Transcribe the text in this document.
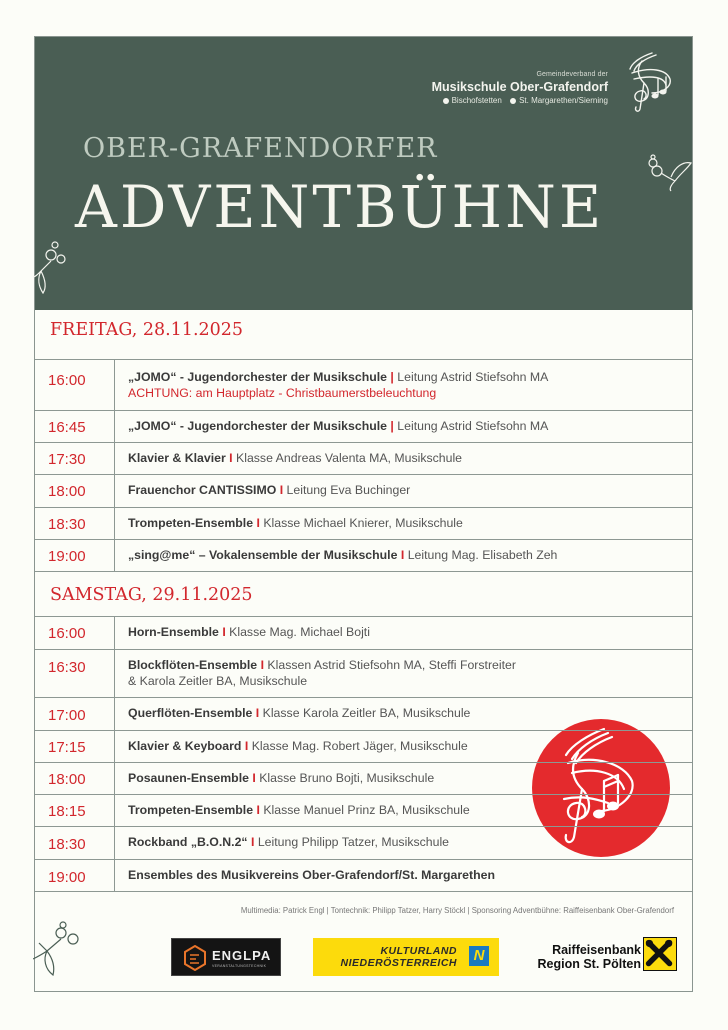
Gemeindeverband der
Musikschule Ober-Grafendorf
Bischofstetten St. Margarethen/Sierning
OBER-GRAFENDORFER
ADVENTBÜHNE
FREITAG, 28.11.2025
16:00	„JOMO“ - Jugendorchester der Musikschule | Leitung Astrid Stiefsohn MA
ACHTUNG: am Hauptplatz - Christbaumerstbeleuchtung
16:45	„JOMO“ - Jugendorchester der Musikschule | Leitung Astrid Stiefsohn MA
17:30	Klavier & Klavier I Klasse Andreas Valenta MA, Musikschule
18:00	Frauenchor CANTISSIMO I Leitung Eva Buchinger
18:30	Trompeten-Ensemble I Klasse Michael Knierer, Musikschule
19:00	„sing@me“ – Vokalensemble der Musikschule I Leitung Mag. Elisabeth Zeh
SAMSTAG, 29.11.2025
16:00	Horn-Ensemble I Klasse Mag. Michael Bojti
16:30	Blockflöten-Ensemble I Klassen Astrid Stiefsohn MA, Steffi Forstreiter
& Karola Zeitler BA, Musikschule
17:00	Querflöten-Ensemble I Klasse Karola Zeitler BA, Musikschule
17:15	Klavier & Keyboard I Klasse Mag. Robert Jäger, Musikschule
18:00	Posaunen-Ensemble I Klasse Bruno Bojti, Musikschule
18:15	Trompeten-Ensemble I Klasse Manuel Prinz BA, Musikschule
18:30	Rockband „B.O.N.2“ I Leitung Philipp Tatzer, Musikschule
19:00	Ensembles des Musikvereins Ober-Grafendorf/St. Margarethen
Multimedia: Patrick Engl | Tontechnik: Philipp Tatzer, Harry Stöckl | Sponsoring Adventbühne: Raiffeisenbank Ober-Grafendorf
ENGLPA
VERANSTALTUNGSTECHNIK
KULTURLAND
NIEDERÖSTERREICH	N	Raiffeisenbank
Region St. Pölten
